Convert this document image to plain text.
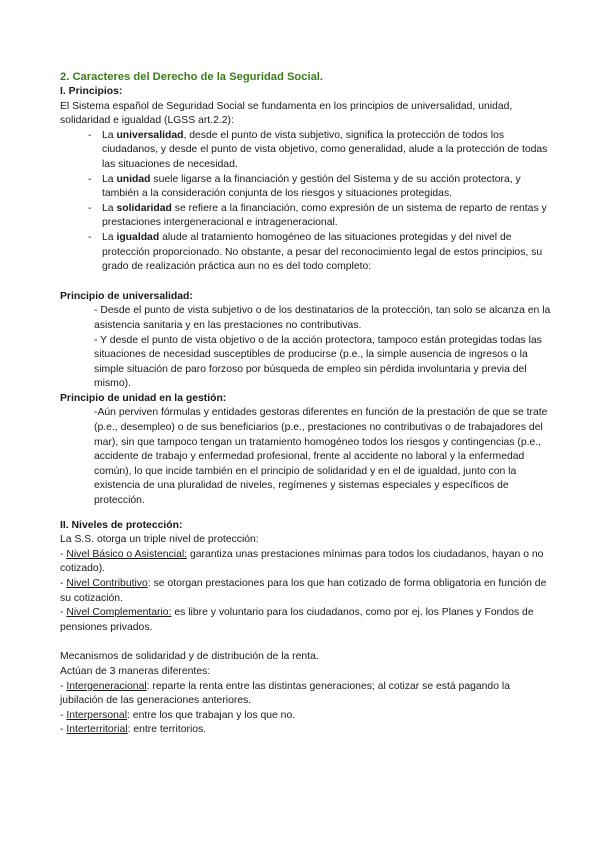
2. Caracteres del Derecho de la Seguridad Social.

I. Principios:

El Sistema español de Seguridad Social se fundamenta en los principios de universalidad, unidad, solidaridad e igualdad (LGSS art.2.2):

- La universalidad, desde el punto de vista subjetivo, significa la protección de todos los ciudadanos, y desde el punto de vista objetivo, como generalidad, alude a la protección de todas las situaciones de necesidad.
- La unidad suele ligarse a la financiación y gestión del Sistema y de su acción protectora, y también a la consideración conjunta de los riesgos y situaciones protegidas.
- La solidaridad se refiere a la financiación, como expresión de un sistema de reparto de rentas y prestaciones intergeneracional e intrageneracional.
- La igualdad alude al tratamiento homogéneo de las situaciones protegidas y del nivel de protección proporcionado. No obstante, a pesar del reconocimiento legal de estos principios, su grado de realización práctica aun no es del todo completo:

Principio de universalidad:

- Desde el punto de vista subjetivo o de los destinatarios de la protección, tan solo se alcanza en la asistencia sanitaria y en las prestaciones no contributivas.

- Y desde el punto de vista objetivo o de la acción protectora, tampoco están protegidas todas las situaciones de necesidad susceptibles de producirse (p.e., la simple ausencia de ingresos o la simple situación de paro forzoso por búsqueda de empleo sin pérdida involuntaria y previa del mismo).

Principio de unidad en la gestión:

-Aún perviven fórmulas y entidades gestoras diferentes en función de la prestación de que se trate (p.e., desempleo) o de sus beneficiarios (p.e., prestaciones no contributivas o de trabajadores del mar), sin que tampoco tengan un tratamiento homogéneo todos los riesgos y contingencias (p.e., accidente de trabajo y enfermedad profesional, frente al accidente no laboral y la enfermedad común), lo que incide también en el principio de solidaridad y en el de igualdad, junto con la existencia de una pluralidad de niveles, regímenes y sistemas especiales y específicos de protección.

II. Niveles de protección:

La S.S. otorga un triple nivel de protección:

- Nivel Básico o Asistencial: garantiza unas prestaciones mínimas para todos los ciudadanos, hayan o no cotizado).

- Nivel Contributivo: se otorgan prestaciones para los que han cotizado de forma obligatoria en función de su cotización.

- Nivel Complementario: es libre y voluntario para los ciudadanos, como por ej. los Planes y Fondos de pensiones privados.

Mecanismos de solidaridad y de distribución de la renta.

Actúan de 3 maneras diferentes:

- Intergeneracional: reparte la renta entre las distintas generaciones; al cotizar se está pagando la jubilación de las generaciones anteriores.

- Interpersonal: entre los que trabajan y los que no.

- Interterritorial: entre territorios.
